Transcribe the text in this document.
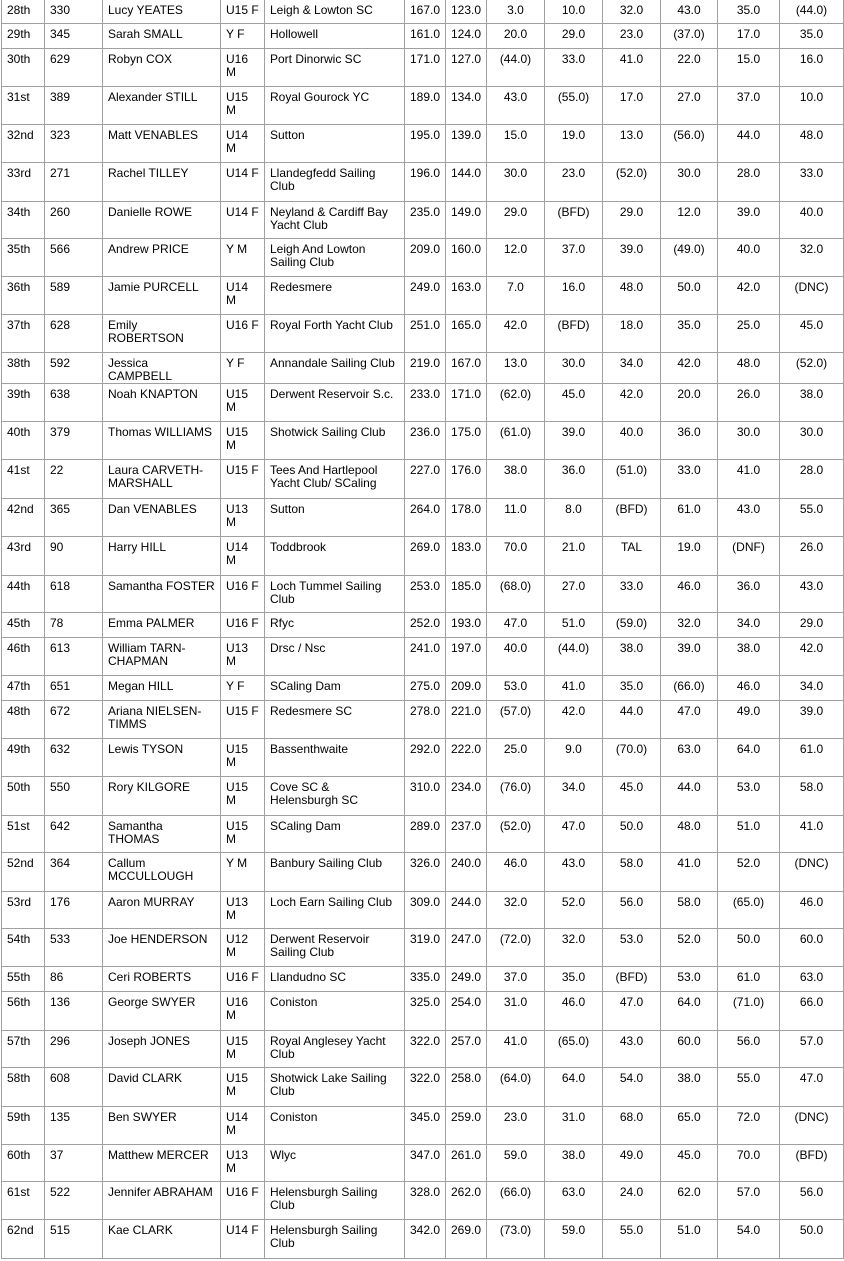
28th	330	Lucy YEATES	U15 F	Leigh & Lowton SC	167.0	123.0	3.0	10.0	32.0	43.0	35.0	(44.0)
29th	345	Sarah SMALL	Y F	Hollowell	161.0	124.0	20.0	29.0	23.0	(37.0)	17.0	35.0
30th	629	Robyn COX	U16 M	Port Dinorwic SC	171.0	127.0	(44.0)	33.0	41.0	22.0	15.0	16.0
31st	389	Alexander STILL	U15 M	Royal Gourock YC	189.0	134.0	43.0	(55.0)	17.0	27.0	37.0	10.0
32nd	323	Matt VENABLES	U14 M	Sutton	195.0	139.0	15.0	19.0	13.0	(56.0)	44.0	48.0
33rd	271	Rachel TILLEY	U14 F	Llandegfedd Sailing Club	196.0	144.0	30.0	23.0	(52.0)	30.0	28.0	33.0
34th	260	Danielle ROWE	U14 F	Neyland & Cardiff Bay Yacht Club	235.0	149.0	29.0	(BFD)	29.0	12.0	39.0	40.0
35th	566	Andrew PRICE	Y M	Leigh And Lowton Sailing Club	209.0	160.0	12.0	37.0	39.0	(49.0)	40.0	32.0
36th	589	Jamie PURCELL	U14 M	Redesmere	249.0	163.0	7.0	16.0	48.0	50.0	42.0	(DNC)
37th	628	Emily ROBERTSON	U16 F	Royal Forth Yacht Club	251.0	165.0	42.0	(BFD)	18.0	35.0	25.0	45.0
38th	592	Jessica CAMPBELL	Y F	Annandale Sailing Club	219.0	167.0	13.0	30.0	34.0	42.0	48.0	(52.0)
39th	638	Noah KNAPTON	U15 M	Derwent Reservoir S.c.	233.0	171.0	(62.0)	45.0	42.0	20.0	26.0	38.0
40th	379	Thomas WILLIAMS	U15 M	Shotwick Sailing Club	236.0	175.0	(61.0)	39.0	40.0	36.0	30.0	30.0
41st	22	Laura CARVETH-MARSHALL	U15 F	Tees And Hartlepool Yacht Club/ SCaling	227.0	176.0	38.0	36.0	(51.0)	33.0	41.0	28.0
42nd	365	Dan VENABLES	U13 M	Sutton	264.0	178.0	11.0	8.0	(BFD)	61.0	43.0	55.0
43rd	90	Harry HILL	U14 M	Toddbrook	269.0	183.0	70.0	21.0	TAL	19.0	(DNF)	26.0
44th	618	Samantha FOSTER	U16 F	Loch Tummel Sailing Club	253.0	185.0	(68.0)	27.0	33.0	46.0	36.0	43.0
45th	78	Emma PALMER	U16 F	Rfyc	252.0	193.0	47.0	51.0	(59.0)	32.0	34.0	29.0
46th	613	William TARN-CHAPMAN	U13 M	Drsc / Nsc	241.0	197.0	40.0	(44.0)	38.0	39.0	38.0	42.0
47th	651	Megan HILL	Y F	SCaling Dam	275.0	209.0	53.0	41.0	35.0	(66.0)	46.0	34.0
48th	672	Ariana NIELSEN-TIMMS	U15 F	Redesmere SC	278.0	221.0	(57.0)	42.0	44.0	47.0	49.0	39.0
49th	632	Lewis TYSON	U15 M	Bassenthwaite	292.0	222.0	25.0	9.0	(70.0)	63.0	64.0	61.0
50th	550	Rory KILGORE	U15 M	Cove SC & Helensburgh SC	310.0	234.0	(76.0)	34.0	45.0	44.0	53.0	58.0
51st	642	Samantha THOMAS	U15 M	SCaling Dam	289.0	237.0	(52.0)	47.0	50.0	48.0	51.0	41.0
52nd	364	Callum MCCULLOUGH	Y M	Banbury Sailing Club	326.0	240.0	46.0	43.0	58.0	41.0	52.0	(DNC)
53rd	176	Aaron MURRAY	U13 M	Loch Earn Sailing Club	309.0	244.0	32.0	52.0	56.0	58.0	(65.0)	46.0
54th	533	Joe HENDERSON	U12 M	Derwent Reservoir Sailing Club	319.0	247.0	(72.0)	32.0	53.0	52.0	50.0	60.0
55th	86	Ceri ROBERTS	U16 F	Llandudno SC	335.0	249.0	37.0	35.0	(BFD)	53.0	61.0	63.0
56th	136	George SWYER	U16 M	Coniston	325.0	254.0	31.0	46.0	47.0	64.0	(71.0)	66.0
57th	296	Joseph JONES	U15 M	Royal Anglesey Yacht Club	322.0	257.0	41.0	(65.0)	43.0	60.0	56.0	57.0
58th	608	David CLARK	U15 M	Shotwick Lake Sailing Club	322.0	258.0	(64.0)	64.0	54.0	38.0	55.0	47.0
59th	135	Ben SWYER	U14 M	Coniston	345.0	259.0	23.0	31.0	68.0	65.0	72.0	(DNC)
60th	37	Matthew MERCER	U13 M	Wlyc	347.0	261.0	59.0	38.0	49.0	45.0	70.0	(BFD)
61st	522	Jennifer ABRAHAM	U16 F	Helensburgh Sailing Club	328.0	262.0	(66.0)	63.0	24.0	62.0	57.0	56.0
62nd	515	Kae CLARK	U14 F	Helensburgh Sailing Club	342.0	269.0	(73.0)	59.0	55.0	51.0	54.0	50.0
